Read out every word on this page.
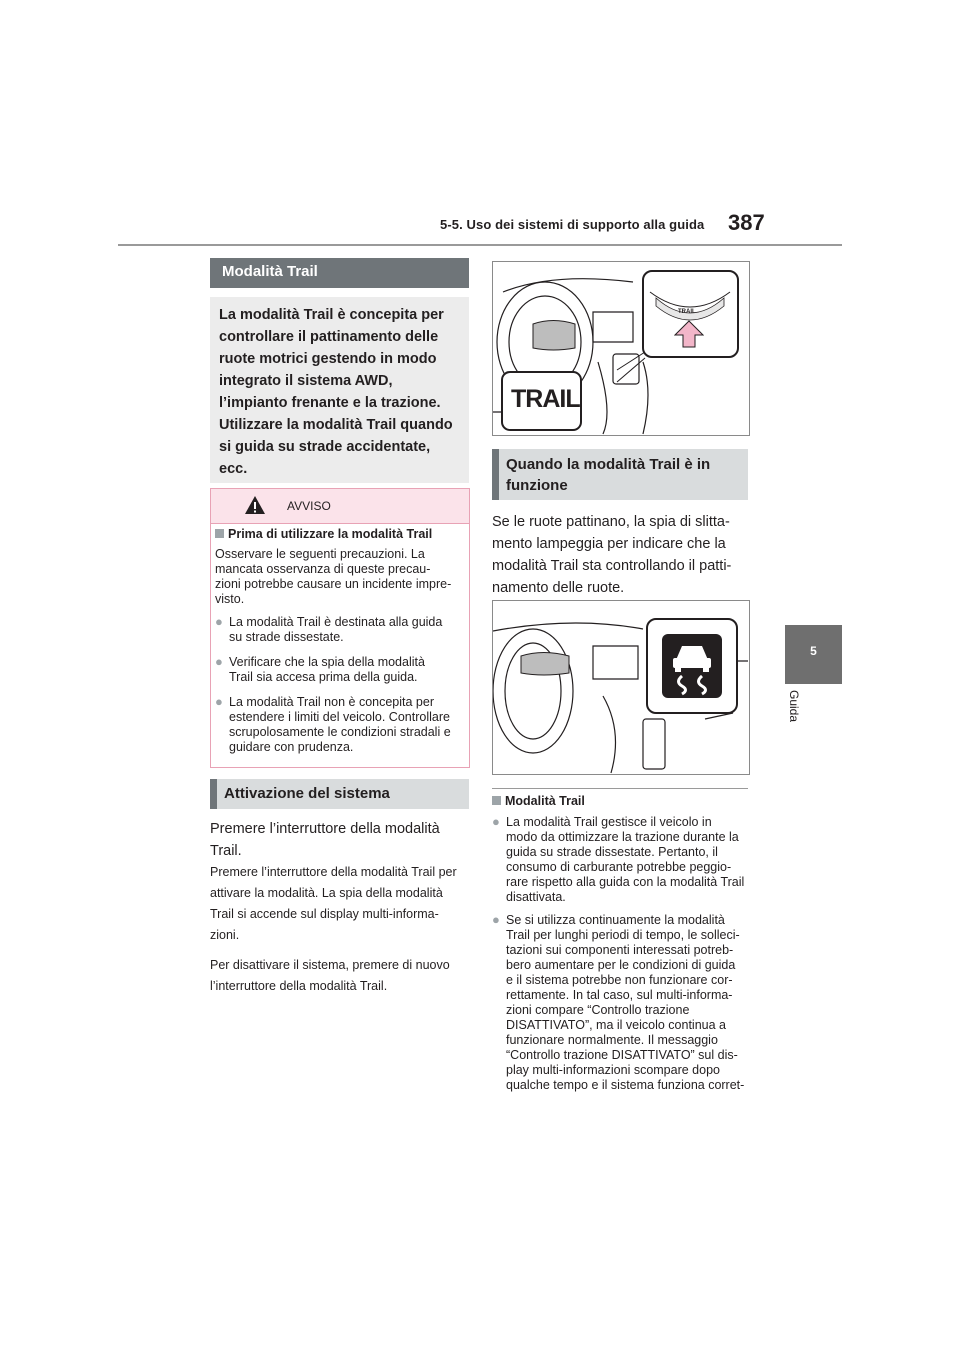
5-5. Uso dei sistemi di supporto alla guida 387
5
Guida
Modalità Trail

La modalità Trail è concepita per

controllare il pattinamento delle

ruote motrici gestendo in modo

integrato il sistema AWD,

l’impianto frenante e la trazione.

Utilizzare la modalità Trail quando

si guida su strade accidentate,

ecc.

AVVISO

Prima di utilizzare la modalità Trail

Osservare le seguenti precauzioni. La

mancata osservanza di queste precau-

zioni potrebbe causare un incidente impre-

visto.

● La modalità Trail è destinata alla guida

su strade dissestate.

● Verificare che la spia della modalità

Trail sia accesa prima della guida.

● La modalità Trail non è concepita per

estendere i limiti del veicolo. Controllare

scrupolosamente le condizioni stradali e

guidare con prudenza.

Attivazione del sistema

Premere l’interruttore della modalità

Trail.

Premere l’interruttore della modalità Trail per

attivare la modalità. La spia della modalità

Trail si accende sul display multi-informa-

zioni.

Per disattivare il sistema, premere di nuovo

l’interruttore della modalità Trail.

TRAIL
TRAIL

Quando la modalità Trail è in

funzione

Se le ruote pattinano, la spia di slitta-

mento lampeggia per indicare che la

modalità Trail sta controllando il patti-

namento delle ruote.

Modalità Trail

● La modalità Trail gestisce il veicolo in

modo da ottimizzare la trazione durante la

guida su strade dissestate. Pertanto, il

consumo di carburante potrebbe peggio-

rare rispetto alla guida con la modalità Trail

disattivata.

● Se si utilizza continuamente la modalità

Trail per lunghi periodi di tempo, le solleci-

tazioni sui componenti interessati potreb-

bero aumentare per le condizioni di guida

e il sistema potrebbe non funzionare cor-

rettamente. In tal caso, sul multi-informa-

zioni compare “Controllo trazione

DISATTIVATO”, ma il veicolo continua a

funzionare normalmente. Il messaggio

“Controllo trazione DISATTIVATO” sul dis-

play multi-informazioni scompare dopo

qualche tempo e il sistema funziona corret-
